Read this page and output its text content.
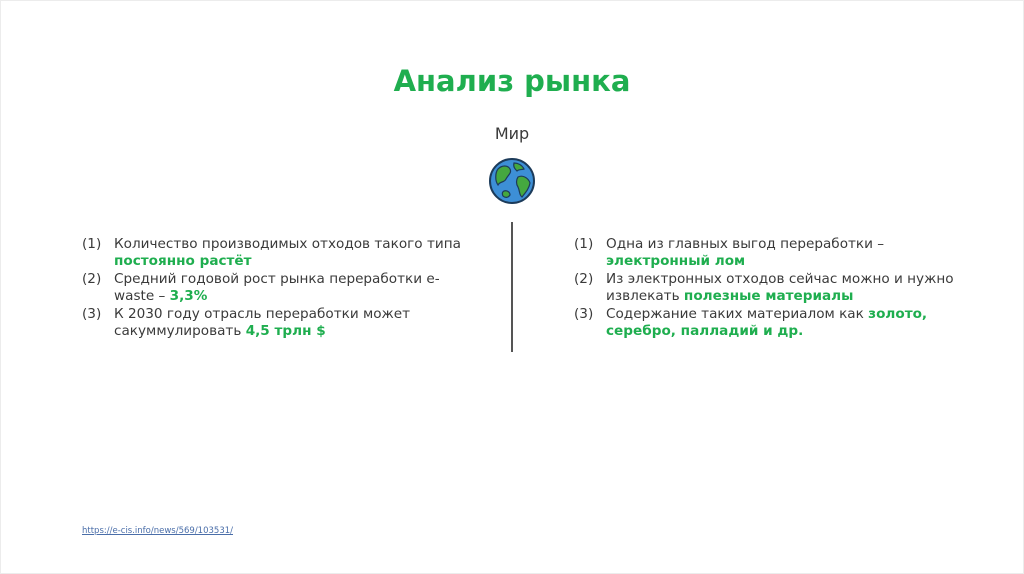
Анализ рынка
Мир
(1) Количество производимых отходов такого типа постоянно растёт
(2) Средний годовой рост рынка переработки e-waste – 3,3%
(3) К 2030 году отрасль переработки может сакуммулировать 4,5 трлн $
(1) Одна из главных выгод переработки –
электронный лом
(2) Из электронных отходов сейчас можно и нужно извлекать полезные материалы
(3) Содержание таких материалом как золото, серебро, палладий и др.
https://e-cis.info/news/569/103531/
